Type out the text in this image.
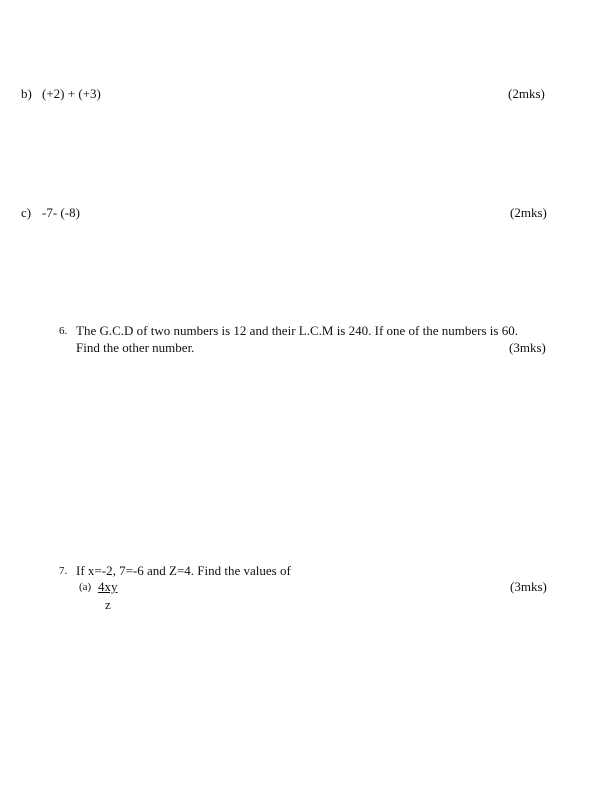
b) (+2) + (+3)	(2mks)
c) -7- (-8)	(2mks)
6. The G.C.D of two numbers is 12 and their L.C.M is 240. If one of the numbers is 60.
Find the other number.	(3mks)
7. If x=-2, 7=-6 and Z=4. Find the values of
(a) 4xy
z
(3mks)
